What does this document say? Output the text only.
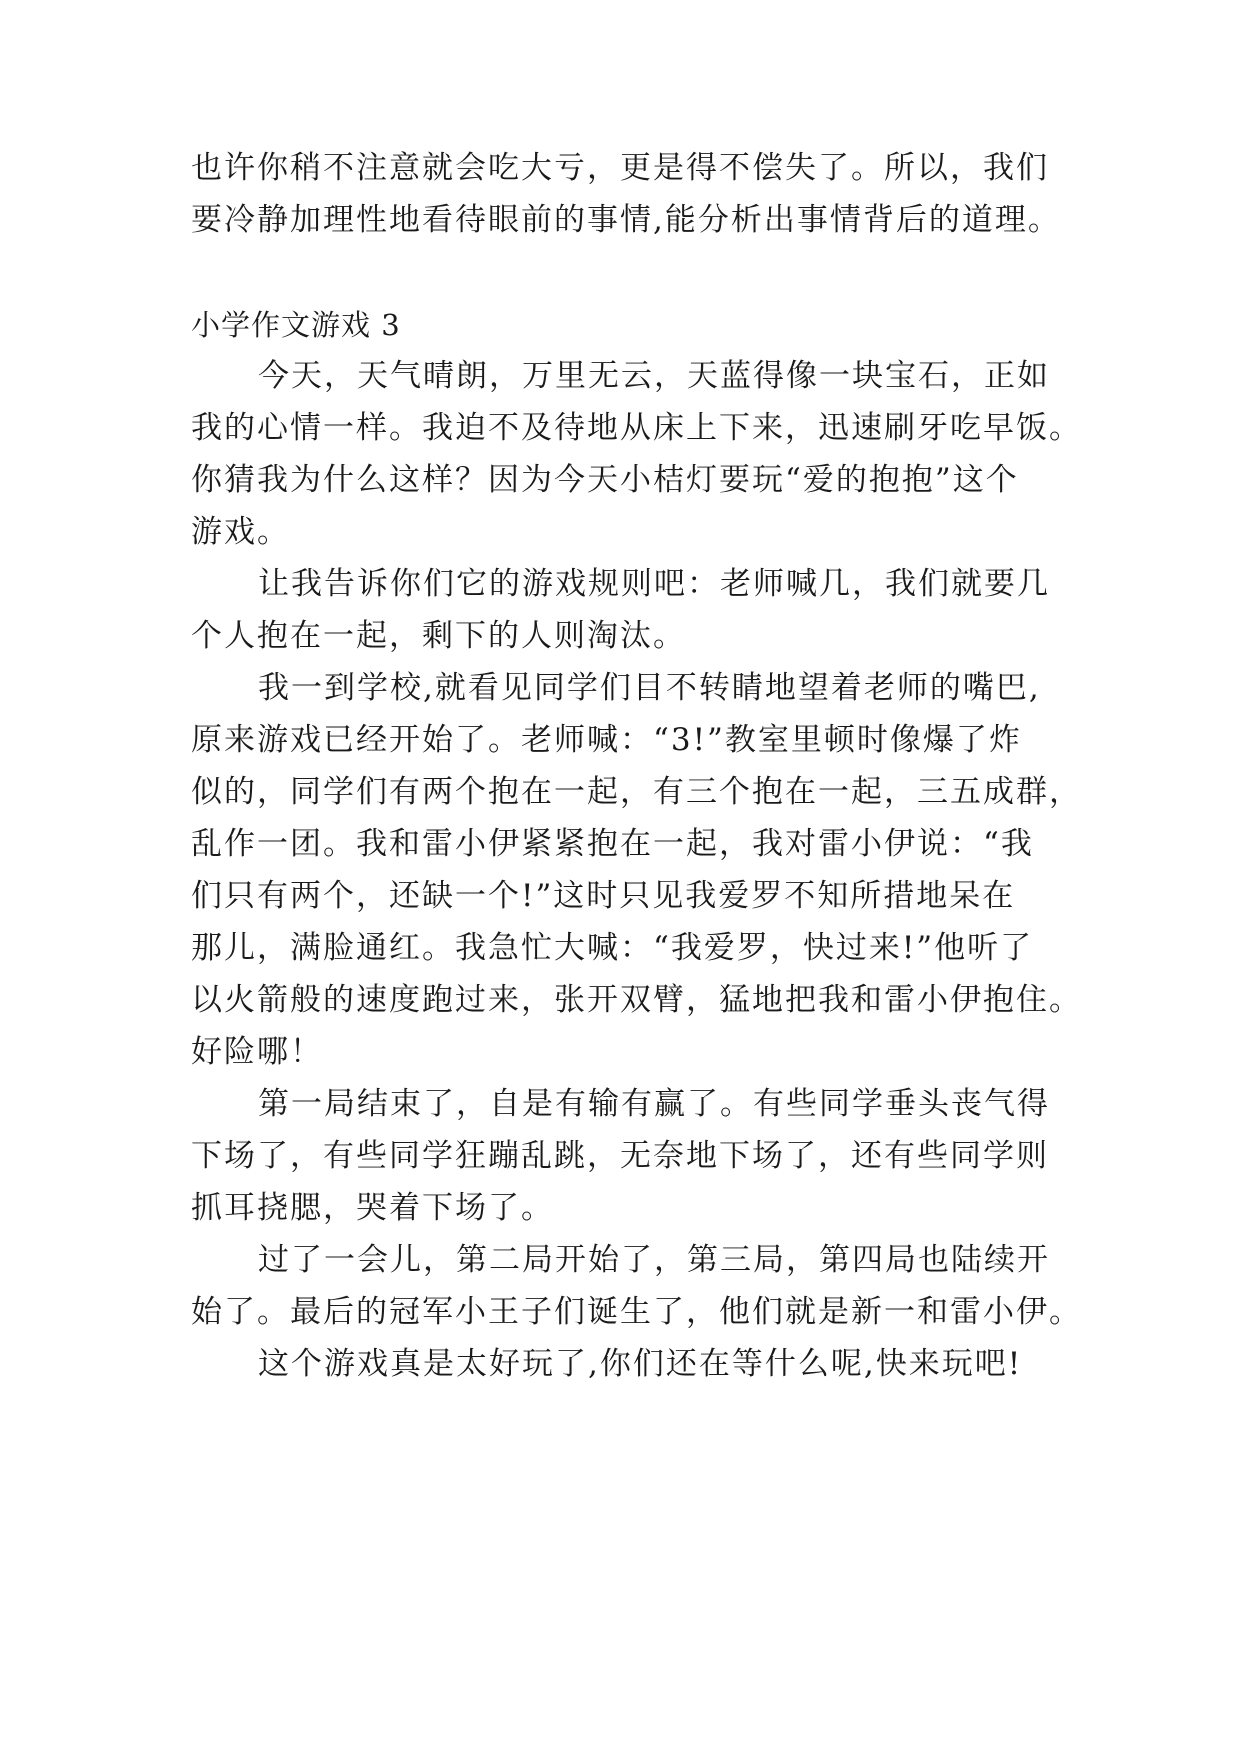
也许你稍不注意就会吃大亏，更是得不偿失了。所以，我们
要冷静加理性地看待眼前的事情,能分析出事情背后的道理。
小学作文游戏 3
今天，天气晴朗，万里无云，天蓝得像一块宝石，正如
我的心情一样。我迫不及待地从床上下来，迅速刷牙吃早饭。
你猜我为什么这样？因为今天小桔灯要玩“爱的抱抱”这个
游戏。
让我告诉你们它的游戏规则吧：老师喊几，我们就要几
个人抱在一起，剩下的人则淘汰。
我一到学校,就看见同学们目不转睛地望着老师的嘴巴,
原来游戏已经开始了。老师喊：“3!”教室里顿时像爆了炸
似的，同学们有两个抱在一起，有三个抱在一起，三五成群，
乱作一团。我和雷小伊紧紧抱在一起，我对雷小伊说：“我
们只有两个，还缺一个!”这时只见我爱罗不知所措地呆在
那儿，满脸通红。我急忙大喊：“我爱罗，快过来!”他听了
以火箭般的速度跑过来，张开双臂，猛地把我和雷小伊抱住。
好险哪！
第一局结束了，自是有输有赢了。有些同学垂头丧气得
下场了，有些同学狂蹦乱跳，无奈地下场了，还有些同学则
抓耳挠腮，哭着下场了。
过了一会儿，第二局开始了，第三局，第四局也陆续开
始了。最后的冠军小王子们诞生了，他们就是新一和雷小伊。
这个游戏真是太好玩了,你们还在等什么呢,快来玩吧!
